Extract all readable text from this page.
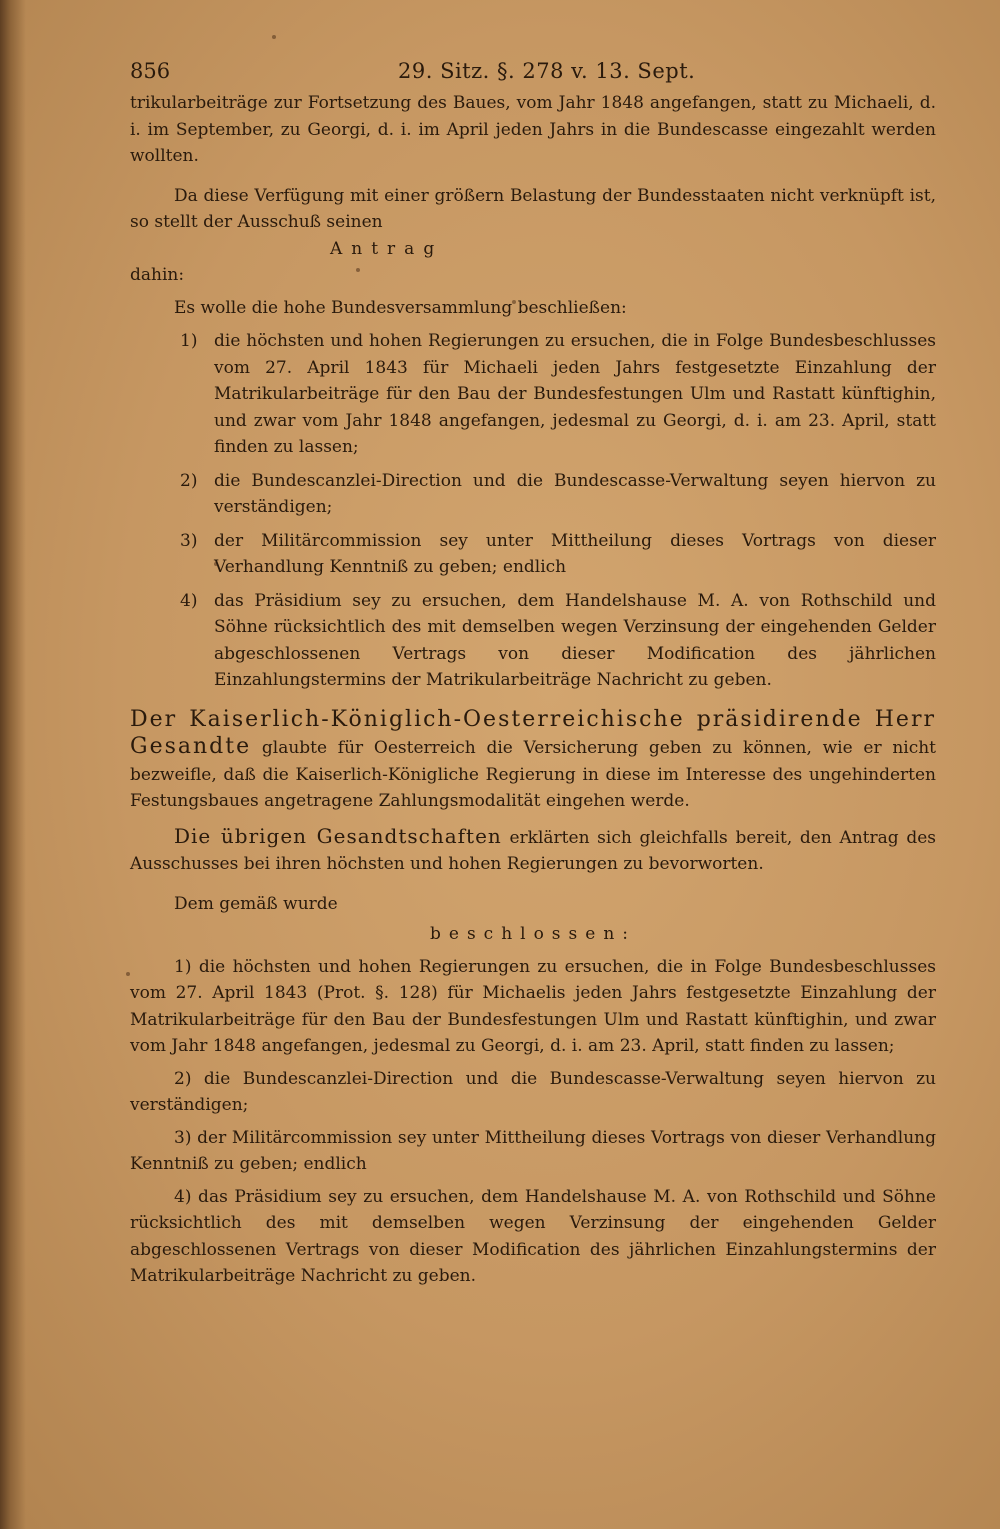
856	29. Sitz. §. 278 v. 13. Sept.

trikularbeiträge zur Fortsetzung des Baues, vom Jahr 1848 angefangen, statt zu Michaeli, d. i. im September, zu Georgi, d. i. im April jeden Jahrs in die Bundescasse eingezahlt werden wollten.

Da diese Verfügung mit einer größern Belastung der Bundesstaaten nicht verknüpft ist, so stellt der Ausschuß seinen

Antrag

dahin:

Es wolle die hohe Bundesversammlung beschließen:

1) die höchsten und hohen Regierungen zu ersuchen, die in Folge Bundesbeschlusses vom 27. April 1843 für Michaeli jeden Jahrs festgesetzte Einzahlung der Matrikularbeiträge für den Bau der Bundesfestungen Ulm und Rastatt künftighin, und zwar vom Jahr 1848 angefangen, jedesmal zu Georgi, d. i. am 23. April, statt finden zu lassen;

2) die Bundescanzlei-Direction und die Bundescasse-Verwaltung seyen hiervon zu verständigen;

3) der Militärcommission sey unter Mittheilung dieses Vortrags von dieser Verhandlung Kenntniß zu geben; endlich

4) das Präsidium sey zu ersuchen, dem Handelshause M. A. von Rothschild und Söhne rücksichtlich des mit demselben wegen Verzinsung der eingehenden Gelder abgeschlossenen Vertrags von dieser Modification des jährlichen Einzahlungstermins der Matrikularbeiträge Nachricht zu geben.

Der Kaiserlich-Königlich-Oesterreichische präsidirende Herr Gesandte glaubte für Oesterreich die Versicherung geben zu können, wie er nicht bezweifle, daß die Kaiserlich-Königliche Regierung in diese im Interesse des ungehinderten Festungsbaues angetragene Zahlungsmodalität eingehen werde.

Die übrigen Gesandtschaften erklärten sich gleichfalls bereit, den Antrag des Ausschusses bei ihren höchsten und hohen Regierungen zu bevorworten.

Dem gemäß wurde

beschlossen:

1) die höchsten und hohen Regierungen zu ersuchen, die in Folge Bundesbeschlusses vom 27. April 1843 (Prot. §. 128) für Michaelis jeden Jahrs festgesetzte Einzahlung der Matrikularbeiträge für den Bau der Bundesfestungen Ulm und Rastatt künftighin, und zwar vom Jahr 1848 angefangen, jedesmal zu Georgi, d. i. am 23. April, statt finden zu lassen;

2) die Bundescanzlei-Direction und die Bundescasse-Verwaltung seyen hiervon zu verständigen;

3) der Militärcommission sey unter Mittheilung dieses Vortrags von dieser Verhandlung Kenntniß zu geben; endlich

4) das Präsidium sey zu ersuchen, dem Handelshause M. A. von Rothschild und Söhne rücksichtlich des mit demselben wegen Verzinsung der eingehenden Gelder abgeschlossenen Vertrags von dieser Modification des jährlichen Einzahlungstermins der Matrikularbeiträge Nachricht zu geben.
